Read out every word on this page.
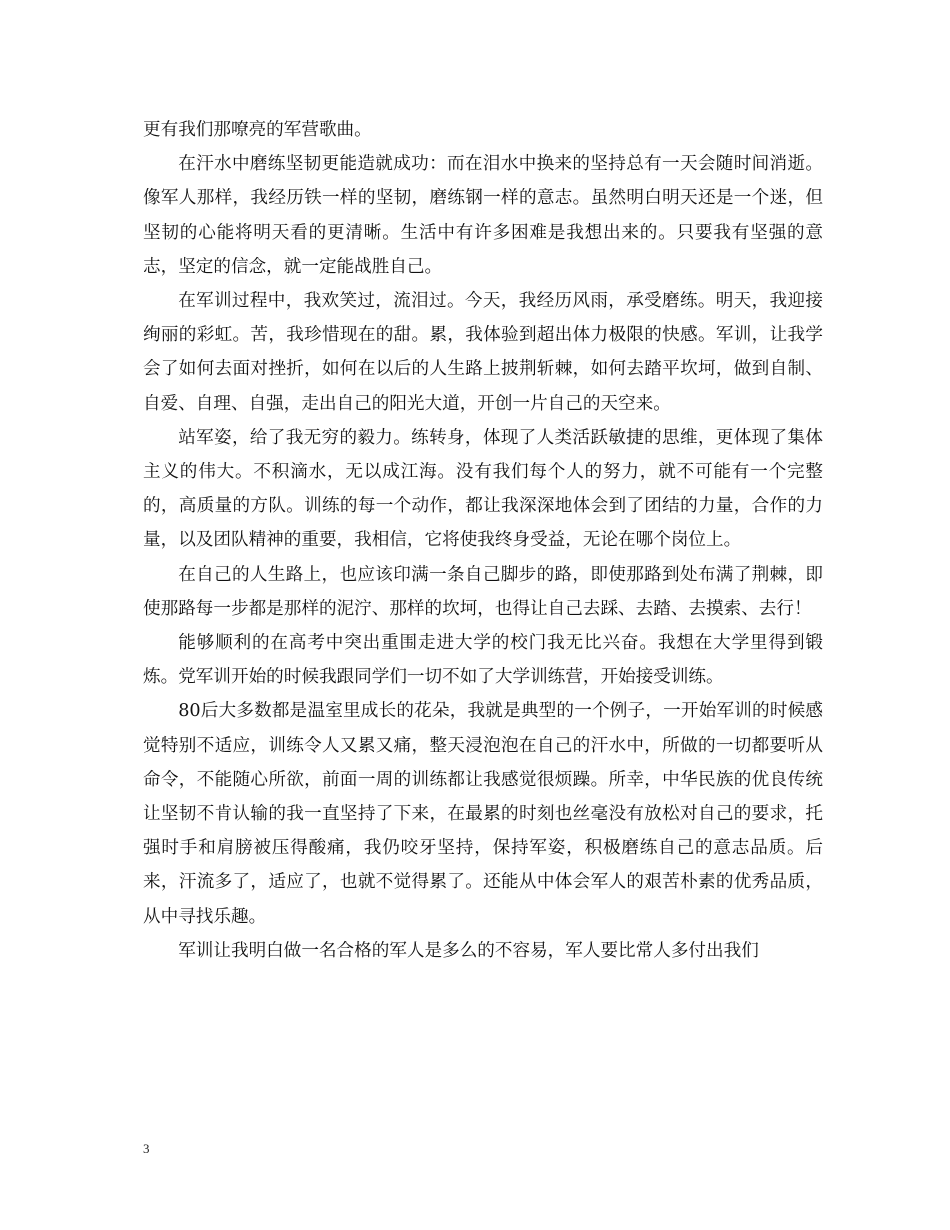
更有我们那嘹亮的军营歌曲。

在汗水中磨练坚韧更能造就成功：而在泪水中换来的坚持总有一天会随时间消逝。像军人那样，我经历铁一样的坚韧，磨练钢一样的意志。虽然明白明天还是一个迷，但坚韧的心能将明天看的更清晰。生活中有许多困难是我想出来的。只要我有坚强的意志，坚定的信念，就一定能战胜自己。

在军训过程中，我欢笑过，流泪过。今天，我经历风雨，承受磨练。明天，我迎接绚丽的彩虹。苦，我珍惜现在的甜。累，我体验到超出体力极限的快感。军训，让我学会了如何去面对挫折，如何在以后的人生路上披荆斩棘，如何去踏平坎坷，做到自制、自爱、自理、自强，走出自己的阳光大道，开创一片自己的天空来。

站军姿，给了我无穷的毅力。练转身，体现了人类活跃敏捷的思维，更体现了集体主义的伟大。不积滴水，无以成江海。没有我们每个人的努力，就不可能有一个完整的，高质量的方队。训练的每一个动作，都让我深深地体会到了团结的力量，合作的力量，以及团队精神的重要，我相信，它将使我终身受益，无论在哪个岗位上。

在自己的人生路上，也应该印满一条自己脚步的路，即使那路到处布满了荆棘，即使那路每一步都是那样的泥泞、那样的坎坷，也得让自己去踩、去踏、去摸索、去行！

能够顺利的在高考中突出重围走进大学的校门我无比兴奋。我想在大学里得到锻炼。党军训开始的时候我跟同学们一切不如了大学训练营，开始接受训练。

80后大多数都是温室里成长的花朵，我就是典型的一个例子，一开始军训的时候感觉特别不适应，训练令人又累又痛，整天浸泡泡在自己的汗水中，所做的一切都要听从命令，不能随心所欲，前面一周的训练都让我感觉很烦躁。所幸，中华民族的优良传统让坚韧不肯认输的我一直坚持了下来，在最累的时刻也丝毫没有放松对自己的要求，托强时手和肩膀被压得酸痛，我仍咬牙坚持，保持军姿，积极磨练自己的意志品质。后来，汗流多了，适应了，也就不觉得累了。还能从中体会军人的艰苦朴素的优秀品质，从中寻找乐趣。

军训让我明白做一名合格的军人是多么的不容易，军人要比常人多付出我们

3
